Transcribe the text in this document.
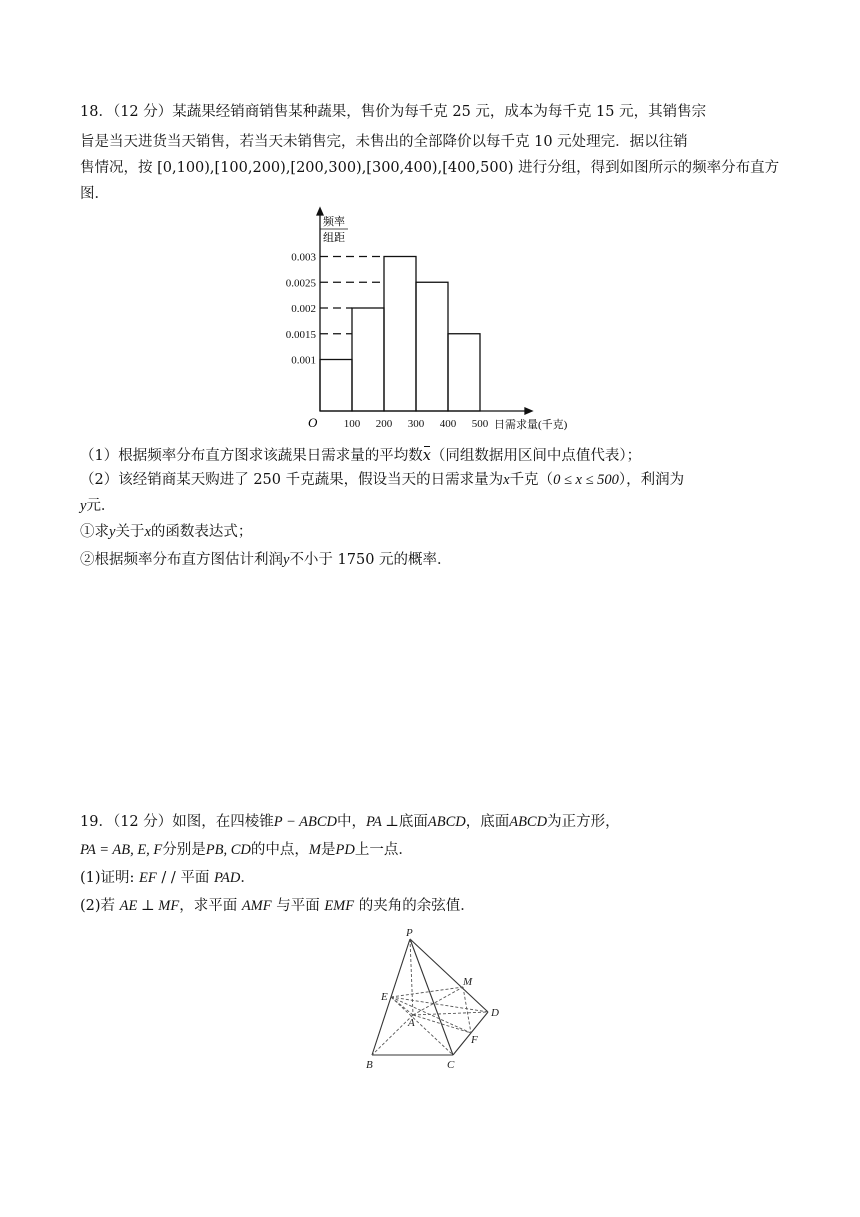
18．（12 分）某蔬果经销商销售某种蔬果，售价为每千克 25 元，成本为每千克 15 元，其销售宗
旨是当天进货当天销售，若当天未销售完，未售出的全部降价以每千克 10 元处理完．据以往销
售情况，按 [0,100),[100,200),[200,300),[300,400),[400,500) 进行分组，得到如图所示的频率分布直方
图．
频率
组距
O	日需求量(千克)
0.001
0.0015
0.002
0.0025
0.003
100 200 300 400 500
（1）根据频率分布直方图求该蔬果日需求量的平均数x（同组数据用区间中点值代表）；
（2）该经销商某天购进了 250 千克蔬果，假设当天的日需求量为x千克（0 ≤ x ≤ 500），利润为
y元．
①求y关于x的函数表达式；
②根据频率分布直方图估计利润y不小于 1750 元的概率．
19．（12 分）如图，在四棱锥P − ABCD中，PA ⊥底面ABCD，底面ABCD为正方形，
PA = AB, E, F分别是PB, CD的中点，M是PD上一点．
(1)证明: EF / / 平面 PAD．
(2)若 AE ⊥ MF，求平面 AMF 与平面 EMF 的夹角的余弦值．
P
E
M
A
D
F
B	C
